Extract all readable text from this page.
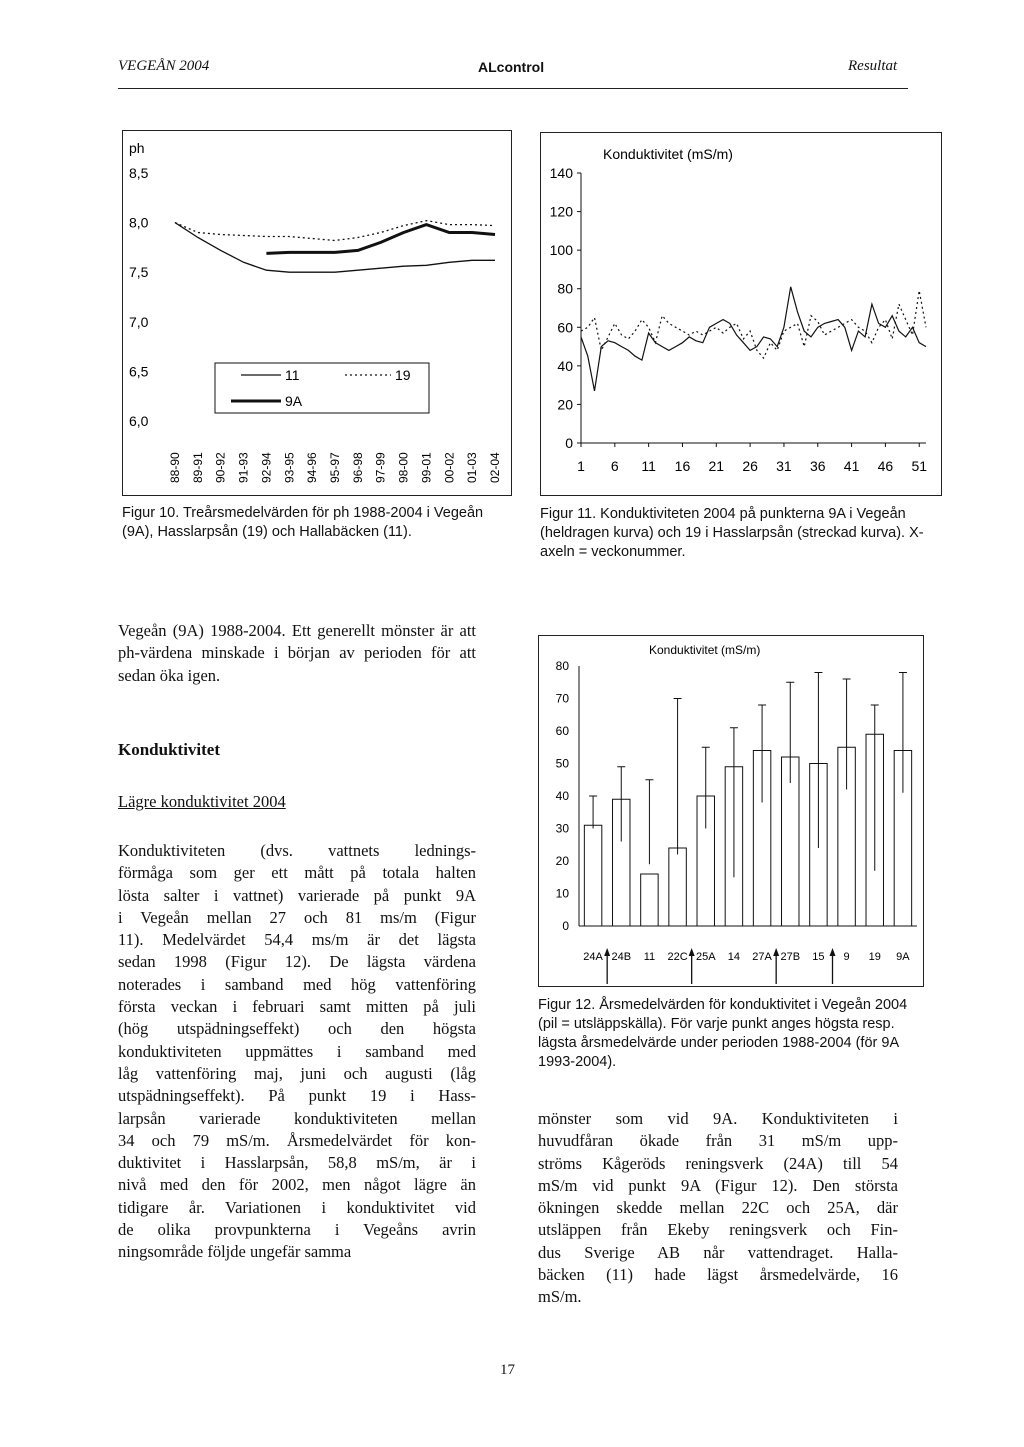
VEGEÅN 2004	ALcontrol	Resultat
ph
8,5
8,0
7,5
7,0
6,5
6,0
88-90 89-91 90-92 91-93 92-94 93-95 94-96 95-97 96-98 97-99 98-00 99-01 00-02 01-03 02-04
11	19
9A
Figur 10. Treårsmedelvärden för ph 1988-2004 i Vegeån (9A), Hasslarpsån (19) och Hallabäcken (11).
Konduktivitet (mS/m)
0
20
40
60
80
100
120
140
1 6 11 16 21 26 31 36 41 46 51
Figur 11. Konduktiviteten 2004 på punkterna 9A i Vegeån (heldragen kurva) och 19 i Hasslarpsån (streckad kurva). X-axeln = veckonummer.
Vegeån (9A) 1988-2004. Ett generellt mönster är att ph-värdena minskade i början av perioden för att sedan öka igen.
Konduktivitet
Lägre konduktivitet 2004
Konduktiviteten (dvs. vattnets lednings-
förmåga som ger ett mått på totala halten
lösta salter i vattnet) varierade på punkt 9A
i Vegeån mellan 27 och 81 ms/m (Figur
11). Medelvärdet 54,4 ms/m är det lägsta
sedan 1998 (Figur 12). De lägsta värdena
noterades i samband med hög vattenföring
första veckan i februari samt mitten på juli
(hög utspädningseffekt) och den högsta
konduktiviteten uppmättes i samband med
låg vattenföring maj, juni och augusti (låg
utspädningseffekt). På punkt 19 i Hass-
larpsån varierade konduktiviteten mellan
34 och 79 mS/m. Årsmedelvärdet för kon-
duktivitet i Hasslarpsån, 58,8 mS/m, är i
nivå med den för 2002, men något lägre än
tidigare år. Variationen i konduktivitet vid
de olika provpunkterna i Vegeåns avrin
ningsområde följde ungefär samma
Konduktivitet (mS/m)
0
10
20
30
40
50
60
70
80
24A 24B 11 22C 25A 14 27A 27B 15 9 19 9A
Figur 12. Årsmedelvärden för konduktivitet i Vegeån 2004 (pil = utsläppskälla). För varje punkt anges högsta resp. lägsta årsmedelvärde under perioden 1988-2004 (för 9A 1993-2004).
mönster som vid 9A. Konduktiviteten i
huvudfåran ökade från 31 mS/m upp-
ströms Kågeröds reningsverk (24A) till 54
mS/m vid punkt 9A (Figur 12). Den största
ökningen skedde mellan 22C och 25A, där
utsläppen från Ekeby reningsverk och Fin-
dus Sverige AB når vattendraget. Halla-
bäcken (11) hade lägst årsmedelvärde, 16
mS/m.
17
